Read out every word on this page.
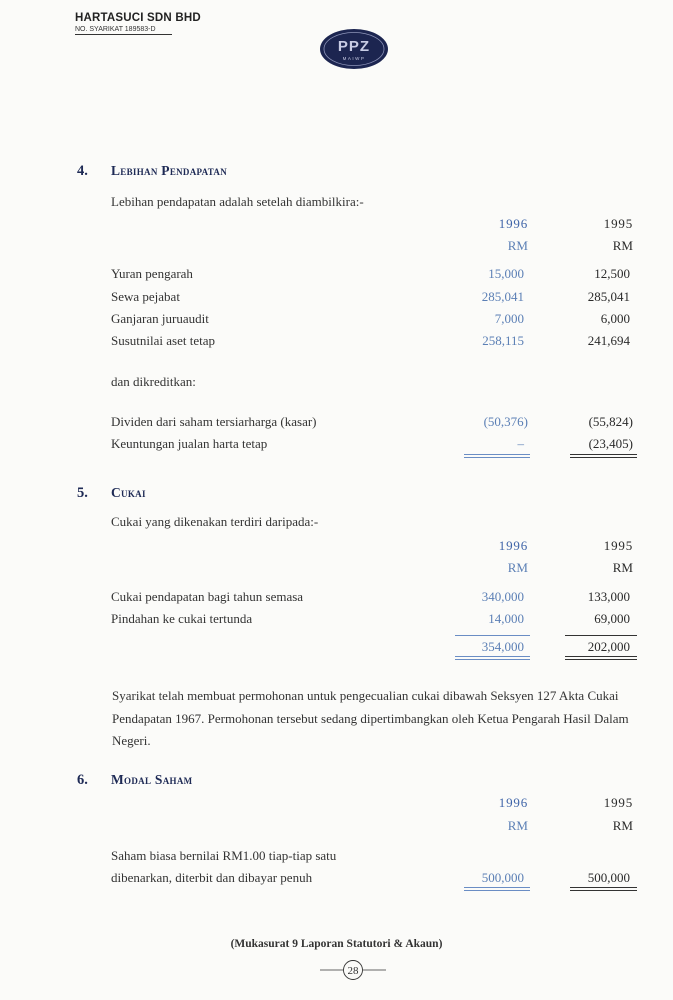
HARTASUCI SDN BHD
NO. SYARIKAT 189583-D
PPZ
MAIWP
4. Lebihan Pendapatan
Lebihan pendapatan adalah setelah diambilkira:-
1996	1995
RM	RM
Yuran pengarah	15,000	12,500
Sewa pejabat	285,041	285,041
Ganjaran juruaudit	7,000	6,000
Susutnilai aset tetap	258,115	241,694
dan dikreditkan:
Dividen dari saham tersiarharga (kasar)	(50,376)	(55,824)
Keuntungan jualan harta tetap	–	(23,405)
5. Cukai
Cukai yang dikenakan terdiri daripada:-
1996	1995
RM	RM
Cukai pendapatan bagi tahun semasa	340,000	133,000
Pindahan ke cukai tertunda	14,000	69,000
354,000	202,000
Syarikat telah membuat permohonan untuk pengecualian cukai dibawah Seksyen 127 Akta Cukai Pendapatan 1967. Permohonan tersebut sedang dipertimbangkan oleh Ketua Pengarah Hasil Dalam Negeri.
6. Modal Saham
1996	1995
RM	RM
Saham biasa bernilai RM1.00 tiap-tiap satu
dibenarkan, diterbit dan dibayar penuh	500,000	500,000
(Mukasurat 9 Laporan Statutori & Akaun)
28
